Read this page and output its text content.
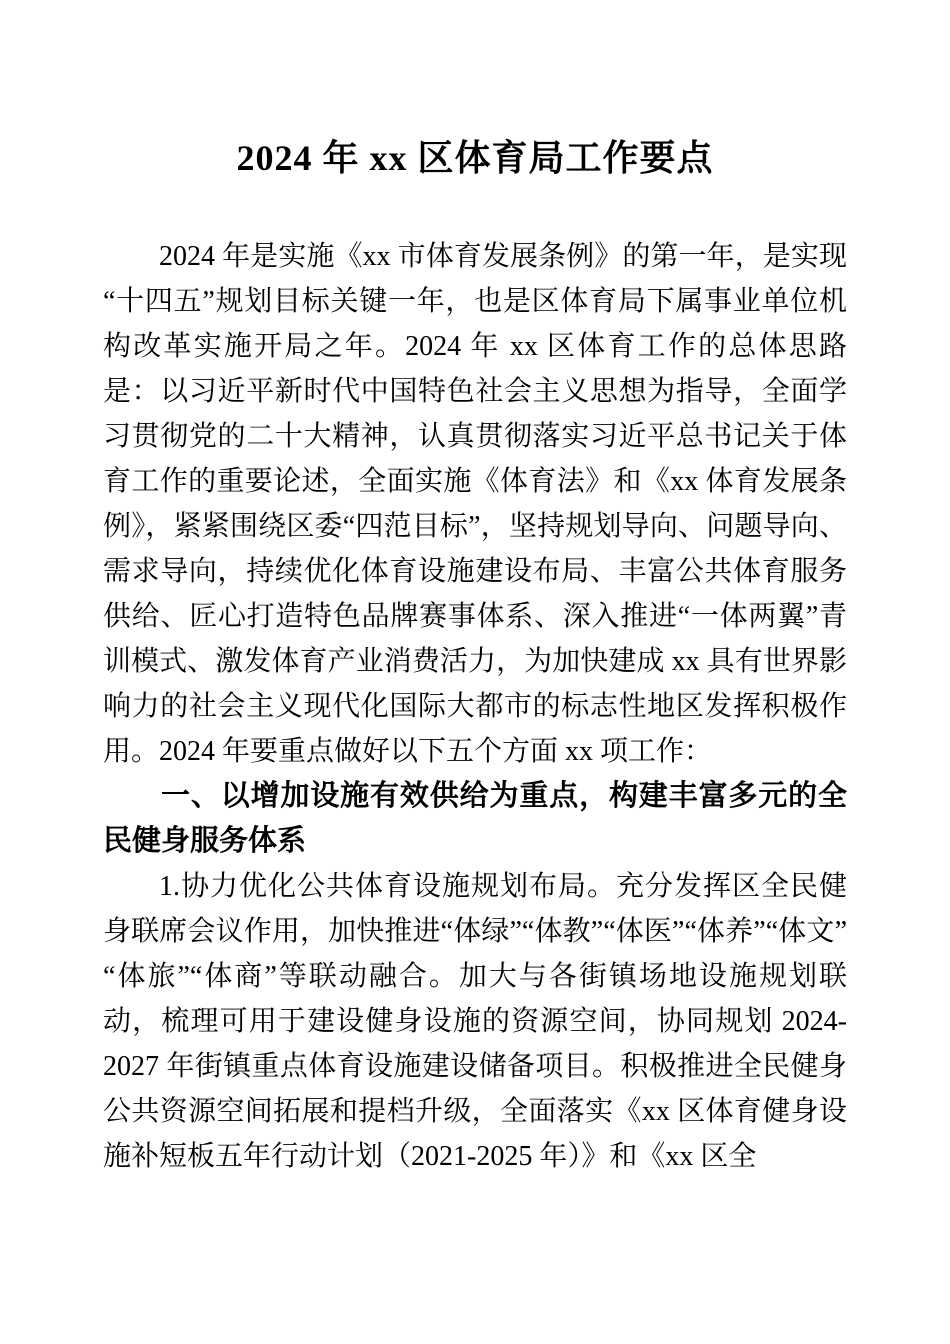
2024 年 xx 区体育局工作要点

2024 年是实施《xx 市体育发展条例》的第一年，是实现“十四五”规划目标关键一年，也是区体育局下属事业单位机构改革实施开局之年。2024 年 xx 区体育工作的总体思路是：以习近平新时代中国特色社会主义思想为指导，全面学习贯彻党的二十大精神，认真贯彻落实习近平总书记关于体育工作的重要论述，全面实施《体育法》和《xx 体育发展条例》，紧紧围绕区委“四范目标”，坚持规划导向、问题导向、需求导向，持续优化体育设施建设布局、丰富公共体育服务供给、匠心打造特色品牌赛事体系、深入推进“一体两翼”青训模式、激发体育产业消费活力，为加快建成 xx 具有世界影响力的社会主义现代化国际大都市的标志性地区发挥积极作用。2024 年要重点做好以下五个方面 xx 项工作：

一、以增加设施有效供给为重点，构建丰富多元的全民健身服务体系

1.协力优化公共体育设施规划布局。充分发挥区全民健身联席会议作用，加快推进“体绿”“体教”“体医”“体养”“体文”“体旅”“体商”等联动融合。加大与各街镇场地设施规划联动，梳理可用于建设健身设施的资源空间，协同规划 2024-2027 年街镇重点体育设施建设储备项目。积极推进全民健身公共资源空间拓展和提档升级，全面落实《xx 区体育健身设施补短板五年行动计划（2021-2025 年）》和《xx 区全
